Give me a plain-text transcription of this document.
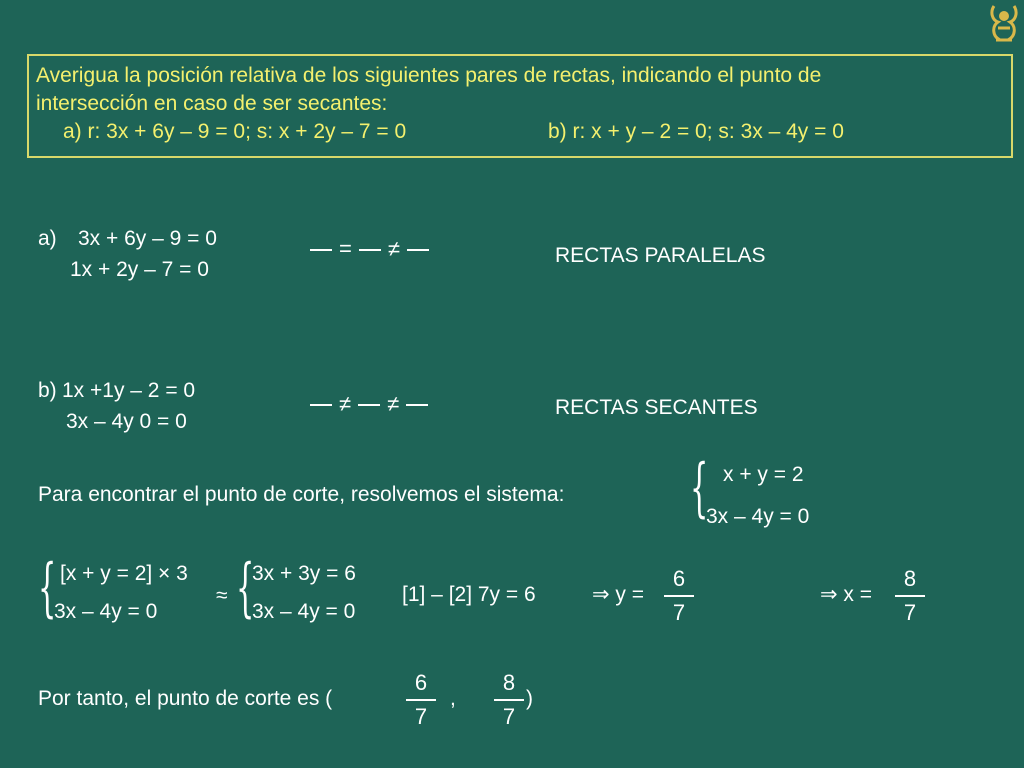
Averigua la posición relativa de los siguientes pares de rectas, indicando el punto de
intersección en caso de ser secantes:
a) r: 3x + 6y – 9 = 0; s: x + 2y – 7 = 0	b) r: x + y – 2 = 0; s: 3x – 4y = 0
a) 3x + 6y – 9 = 0
1x + 2y – 7 = 0
= ≠	RECTAS PARALELAS
b) 1x +1y – 2 = 0
3x – 4y 0 = 0
≠ ≠	RECTAS SECANTES
Para encontrar el punto de corte, resolvemos el sistema: { x + y = 2
3x – 4y = 0
{ [x + y = 2] × 3
3x – 4y = 0
≈ {
3x + 3y = 6
3x – 4y = 0
[1] – [2] 7y = 6	⇒ y =
6
7
⇒ x =
8
7
Por tanto, el punto de corte es (
6
7
,
8
7
)
